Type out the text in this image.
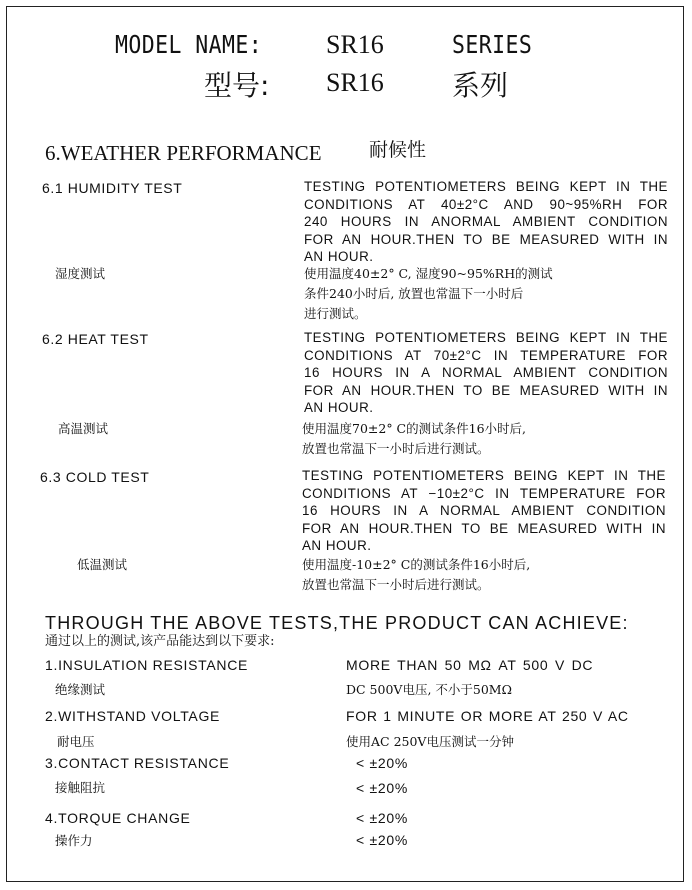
MODEL NAME: SR16	SERIES
型号: SR16 系列
6.WEATHER PERFORMANCE 耐候性
6.1 HUMIDITY TEST	TESTING POTENTIOMETERS BEING KEPT IN THE
CONDITIONS AT 40±2°C AND 90~95%RH FOR
240 HOURS IN ANORMAL AMBIENT CONDITION
FOR AN HOUR.THEN TO BE MEASURED WITH IN
AN HOUR.
湿度测试	使用温度40±2° C, 湿度90~95%RH的测试
条件240小时后, 放置也常温下一小时后
进行测试。
6.2 HEAT TEST	TESTING POTENTIOMETERS BEING KEPT IN THE
CONDITIONS AT 70±2°C IN TEMPERATURE FOR
16 HOURS IN A NORMAL AMBIENT CONDITION
FOR AN HOUR.THEN TO BE MEASURED WITH IN
AN HOUR.
高温测试	使用温度70±2° C的测试条件16小时后,
放置也常温下一小时后进行测试。
6.3 COLD TEST	TESTING POTENTIOMETERS BEING KEPT IN THE
CONDITIONS AT −10±2°C IN TEMPERATURE FOR
16 HOURS IN A NORMAL AMBIENT CONDITION
FOR AN HOUR.THEN TO BE MEASURED WITH IN
AN HOUR.
低温测试	使用温度-10±2° C的测试条件16小时后,
放置也常温下一小时后进行测试。
THROUGH THE ABOVE TESTS,THE PRODUCT CAN ACHIEVE:
通过以上的测试,该产品能达到以下要求:
1.INSULATION RESISTANCE	MORE THAN 50 MΩ AT 500 V DC
绝缘测试	DC 500V电压, 不小于50MΩ
2.WITHSTAND VOLTAGE	FOR 1 MINUTE OR MORE AT 250 V AC
耐电压	使用AC 250V电压测试一分钟
3.CONTACT RESISTANCE	< ±20%
接触阻抗	< ±20%
4.TORQUE CHANGE	< ±20%
操作力	< ±20%
